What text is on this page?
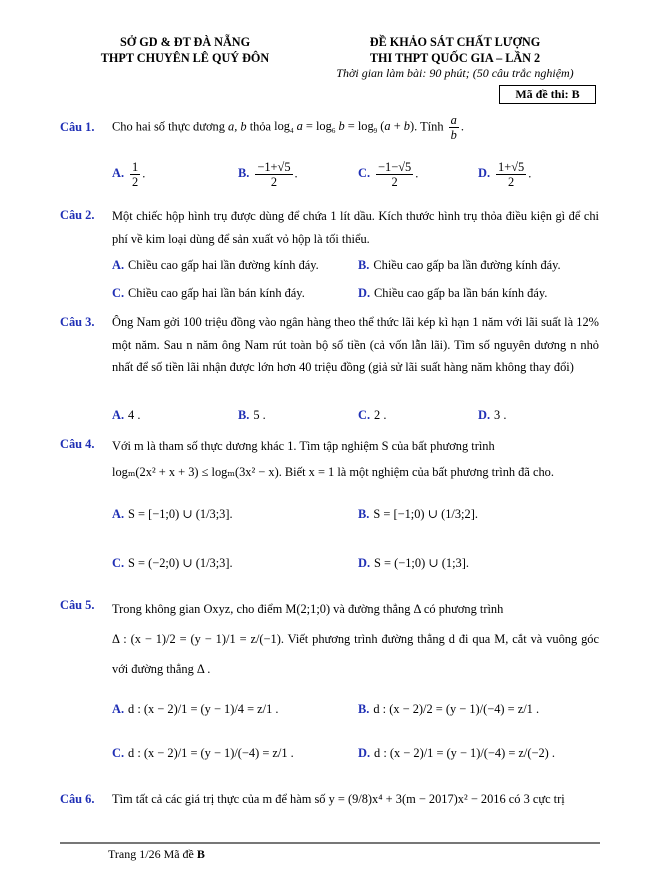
SỞ GD & ĐT ĐÀ NẴNG
THPT CHUYÊN LÊ QUÝ ĐÔN
ĐỀ KHẢO SÁT CHẤT LƯỢNG
THI THPT QUỐC GIA – LẦN 2
Thời gian làm bài: 90 phút; (50 câu trắc nghiệm)
Mã đề thi: B
Câu 1. Cho hai số thực dương a, b thỏa $\log_4 a = \log_6 b = \log_9 (a + b)$. Tính $\frac{a}{b}$ .
A. $\frac{1}{2}$ .	B. $\frac{-1+√5}{2}$ .	C. $\frac{-1-√5}{2}$ .	D. $\frac{1+√5}{2}$ .
Câu 2. Một chiếc hộp hình trụ được dùng để chứa 1 lít dầu. Kích thước hình trụ thỏa điều kiện gì để chi phí về kim loại dùng để sản xuất vỏ hộp là tối thiểu.
A. Chiều cao gấp hai lần đường kính đáy.	B. Chiều cao gấp ba lần đường kính đáy.
C. Chiều cao gấp hai lần bán kính đáy.	D. Chiều cao gấp ba lần bán kính đáy.
Câu 3. Ông Nam gởi 100 triệu đồng vào ngân hàng theo thể thức lãi kép kì hạn 1 năm với lãi suất là 12% một năm. Sau n năm ông Nam rút toàn bộ số tiền (cả vốn lẫn lãi). Tìm số nguyên dương n nhỏ nhất để số tiền lãi nhận được lớn hơn 40 triệu đồng (giả sử lãi suất hàng năm không thay đổi)
A. 4 .	B. 5 .	C. 2 .	D. 3 .
Câu 4. Với m là tham số thực dương khác 1. Tìm tập nghiệm S của bất phương trình
logₘ(2x² + x + 3) ≤ logₘ(3x² − x). Biết x = 1 là một nghiệm của bất phương trình đã cho.
A. S = [−1;0) ∪ (1/3;3].	B. S = [−1;0) ∪ (1/3;2].
C. S = (−2;0) ∪ (1/3;3].	D. S = (−1;0) ∪ (1;3].
Câu 5. Trong không gian Oxyz, cho điểm M(2;1;0) và đường thẳng Δ có phương trình
Δ : (x − 1)/2 = (y − 1)/1 = z/(−1). Viết phương trình đường thẳng d đi qua M, cắt và vuông góc với đường thẳng Δ .
A. d : (x − 2)/1 = (y − 1)/4 = z/1 .	B. d : (x − 2)/2 = (y − 1)/(−4) = z/1 .
C. d : (x − 2)/1 = (y − 1)/(−4) = z/1 .	D. d : (x − 2)/1 = (y − 1)/(−4) = z/(−2) .
Câu 6. Tìm tất cả các giá trị thực của m để hàm số y = (9/8)x⁴ + 3(m − 2017)x² − 2016 có 3 cực trị
Trang 1/26 Mã đề B
